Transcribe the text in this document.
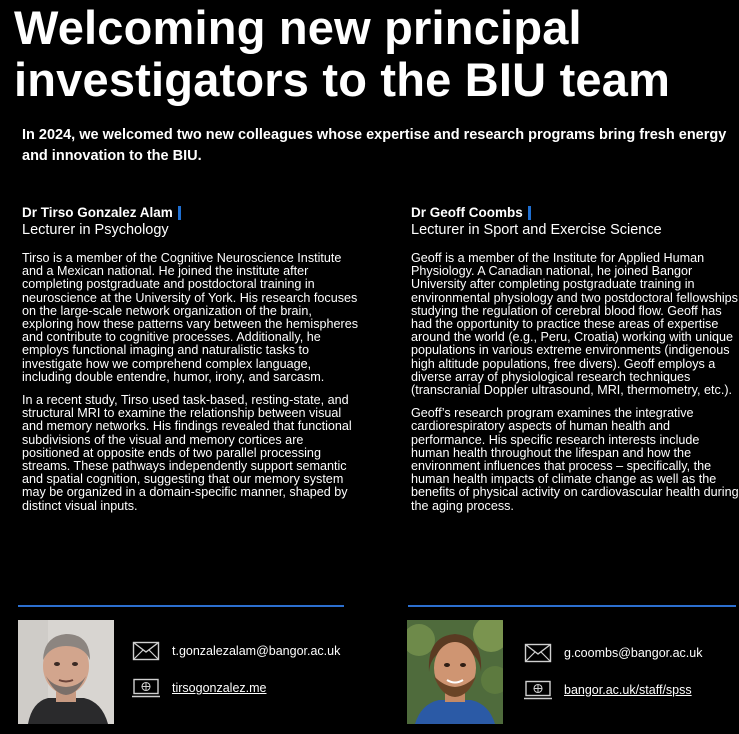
Welcoming new principal investigators to the BIU team

In 2024, we welcomed two new colleagues whose expertise and research programs bring fresh energy and innovation to the BIU.

Dr Tirso Gonzalez Alam

Lecturer in Psychology

Tirso is a member of the Cognitive Neuroscience Institute and a Mexican national. He joined the institute after completing postgraduate and postdoctoral training in neuroscience at the University of York. His research focuses on the large-scale network organization of the brain, exploring how these patterns vary between the hemispheres and contribute to cognitive processes. Additionally, he employs functional imaging and naturalistic tasks to investigate how we comprehend complex language, including double entendre, humor, irony, and sarcasm.

In a recent study, Tirso used task-based, resting-state, and structural MRI to examine the relationship between visual and memory networks. His findings revealed that functional subdivisions of the visual and memory cortices are positioned at opposite ends of two parallel processing streams. These pathways independently support semantic and spatial cognition, suggesting that our memory system may be organized in a domain-specific manner, shaped by distinct visual inputs.

Dr Geoff Coombs

Lecturer in Sport and Exercise Science

Geoff is a member of the Institute for Applied Human Physiology. A Canadian national, he joined Bangor University after completing postgraduate training in environmental physiology and two postdoctoral fellowships studying the regulation of cerebral blood flow. Geoff has had the opportunity to practice these areas of expertise around the world (e.g., Peru, Croatia) working with unique populations in various extreme environments (indigenous high altitude populations, free divers). Geoff employs a diverse array of physiological research techniques (transcranial Doppler ultrasound, MRI, thermometry, etc.).

Geoff’s research program examines the integrative cardiorespiratory aspects of human health and performance. His specific research interests include human health throughout the lifespan and how the environment influences that process – specifically, the human health impacts of climate change as well as the benefits of physical activity on cardiovascular health during the aging process.

t.gonzalezalam@bangor.ac.uk
tirsogonzalez.me
g.coombs@bangor.ac.uk
bangor.ac.uk/staff/spss
